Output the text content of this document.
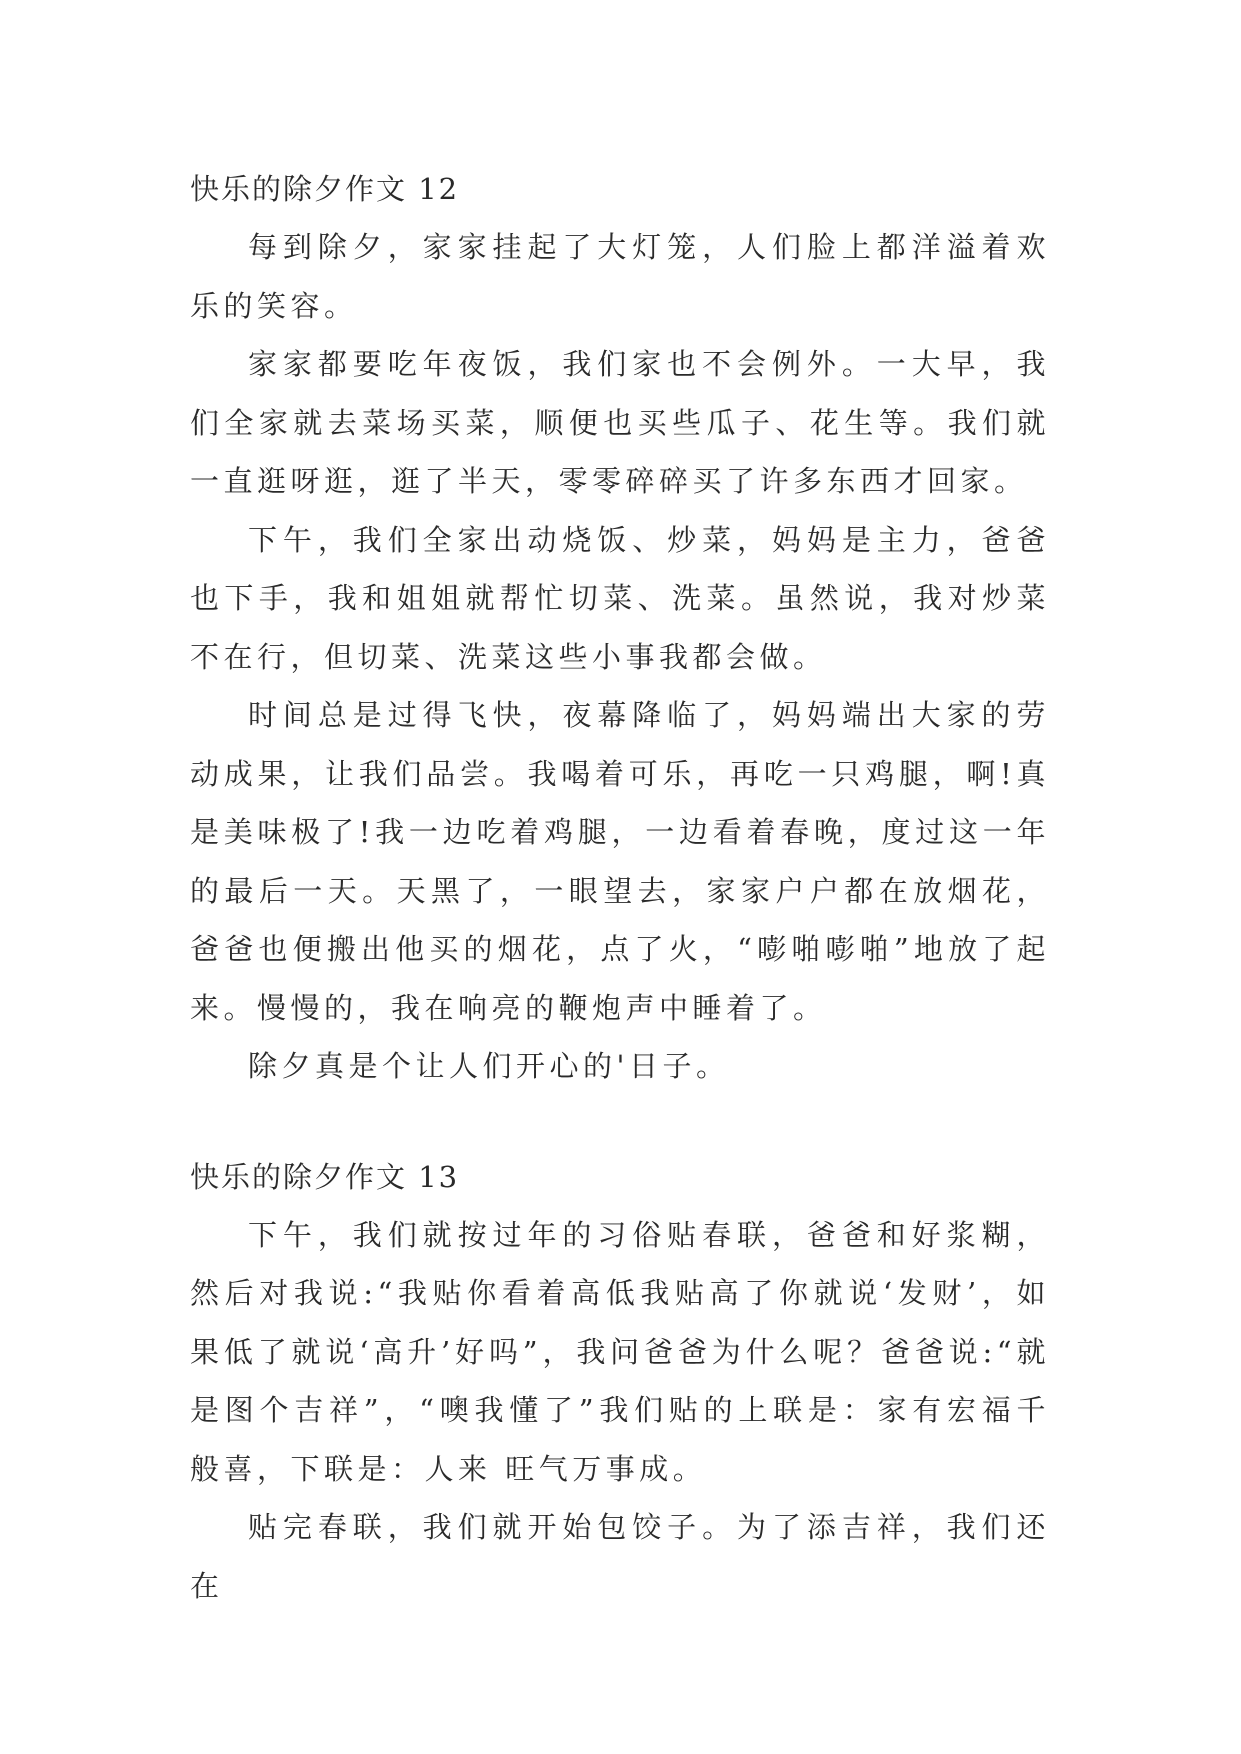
快乐的除夕作文 12

每到除夕，家家挂起了大灯笼，人们脸上都洋溢着欢乐的笑容。

家家都要吃年夜饭，我们家也不会例外。一大早，我们全家就去菜场买菜，顺便也买些瓜子、花生等。我们就一直逛呀逛，逛了半天，零零碎碎买了许多东西才回家。

下午，我们全家出动烧饭、炒菜，妈妈是主力，爸爸也下手，我和姐姐就帮忙切菜、洗菜。虽然说，我对炒菜不在行，但切菜、洗菜这些小事我都会做。

时间总是过得飞快，夜幕降临了，妈妈端出大家的劳动成果，让我们品尝。我喝着可乐，再吃一只鸡腿，啊!真是美味极了!我一边吃着鸡腿，一边看着春晚，度过这一年的最后一天。天黑了，一眼望去，家家户户都在放烟花，爸爸也便搬出他买的烟花，点了火，“嘭啪嘭啪”地放了起来。慢慢的，我在响亮的鞭炮声中睡着了。

除夕真是个让人们开心的'日子。

快乐的除夕作文 13

下午，我们就按过年的习俗贴春联，爸爸和好浆糊，然后对我说:“我贴你看着高低我贴高了你就说‘发财’，如果低了就说‘高升’好吗”，我问爸爸为什么呢？爸爸说:“就是图个吉祥”，“噢我懂了”我们贴的上联是：家有宏福千般喜，下联是：人来 旺气万事成。

贴完春联，我们就开始包饺子。为了添吉祥，我们还在
